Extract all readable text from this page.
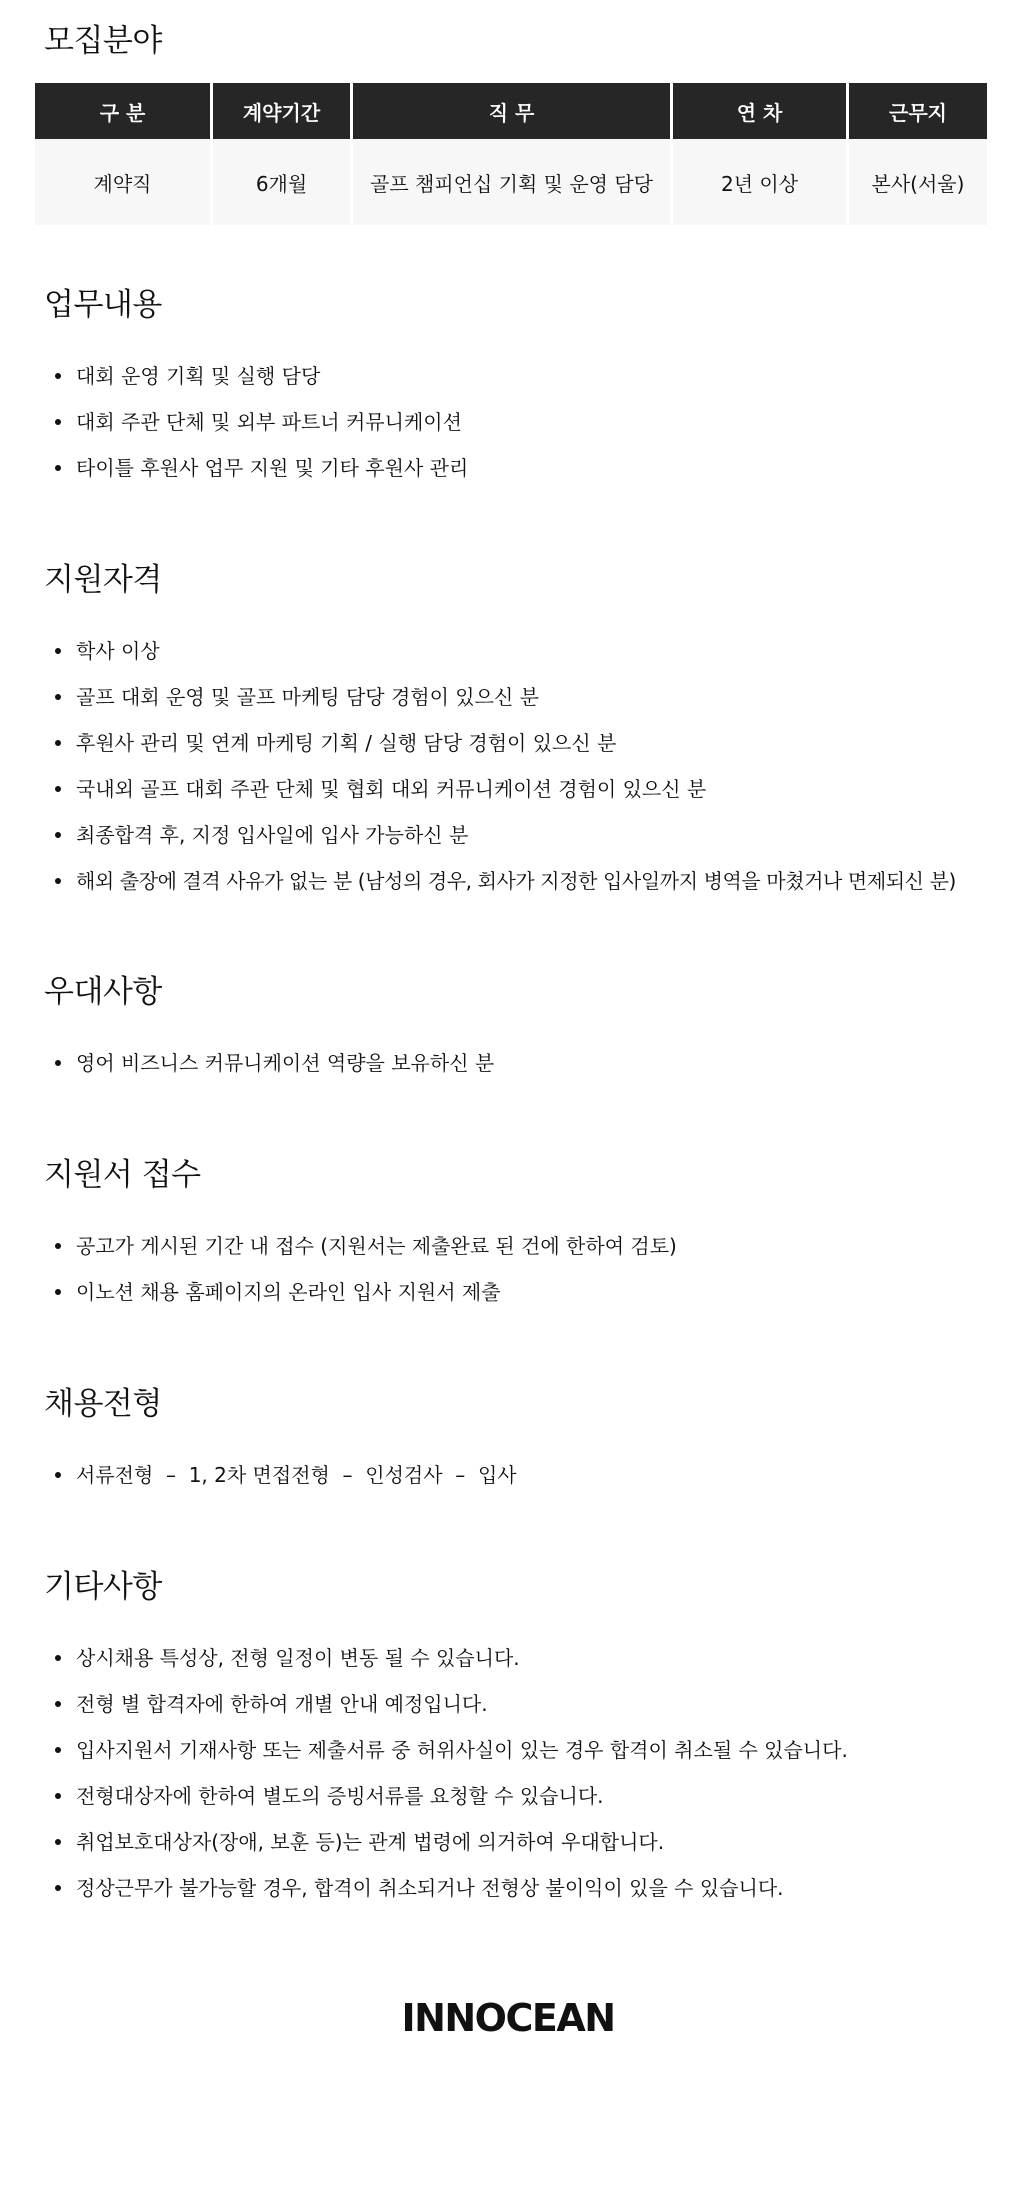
모집분야
구 분	계약기간	직 무	연 차	근무지
계약직	6개월	골프 챔피언십 기획 및 운영 담당	2년 이상	본사(서울)
업무내용
대회 운영 기획 및 실행 담당
대회 주관 단체 및 외부 파트너 커뮤니케이션
타이틀 후원사 업무 지원 및 기타 후원사 관리
지원자격
학사 이상
골프 대회 운영 및 골프 마케팅 담당 경험이 있으신 분
후원사 관리 및 연계 마케팅 기획 / 실행 담당 경험이 있으신 분
국내외 골프 대회 주관 단체 및 협회 대외 커뮤니케이션 경험이 있으신 분
최종합격 후, 지정 입사일에 입사 가능하신 분
해외 출장에 결격 사유가 없는 분 (남성의 경우, 회사가 지정한 입사일까지 병역을 마쳤거나 면제되신 분)
우대사항
영어 비즈니스 커뮤니케이션 역량을 보유하신 분
지원서 접수
공고가 게시된 기간 내 접수 (지원서는 제출완료 된 건에 한하여 검토)
이노션 채용 홈페이지의 온라인 입사 지원서 제출
채용전형
서류전형  –  1, 2차 면접전형  –  인성검사  –  입사
기타사항
상시채용 특성상, 전형 일정이 변동 될 수 있습니다.
전형 별 합격자에 한하여 개별 안내 예정입니다.
입사지원서 기재사항 또는 제출서류 중 허위사실이 있는 경우 합격이 취소될 수 있습니다.
전형대상자에 한하여 별도의 증빙서류를 요청할 수 있습니다.
취업보호대상자(장애, 보훈 등)는 관계 법령에 의거하여 우대합니다.
정상근무가 불가능할 경우, 합격이 취소되거나 전형상 불이익이 있을 수 있습니다.
INNOCEAN
